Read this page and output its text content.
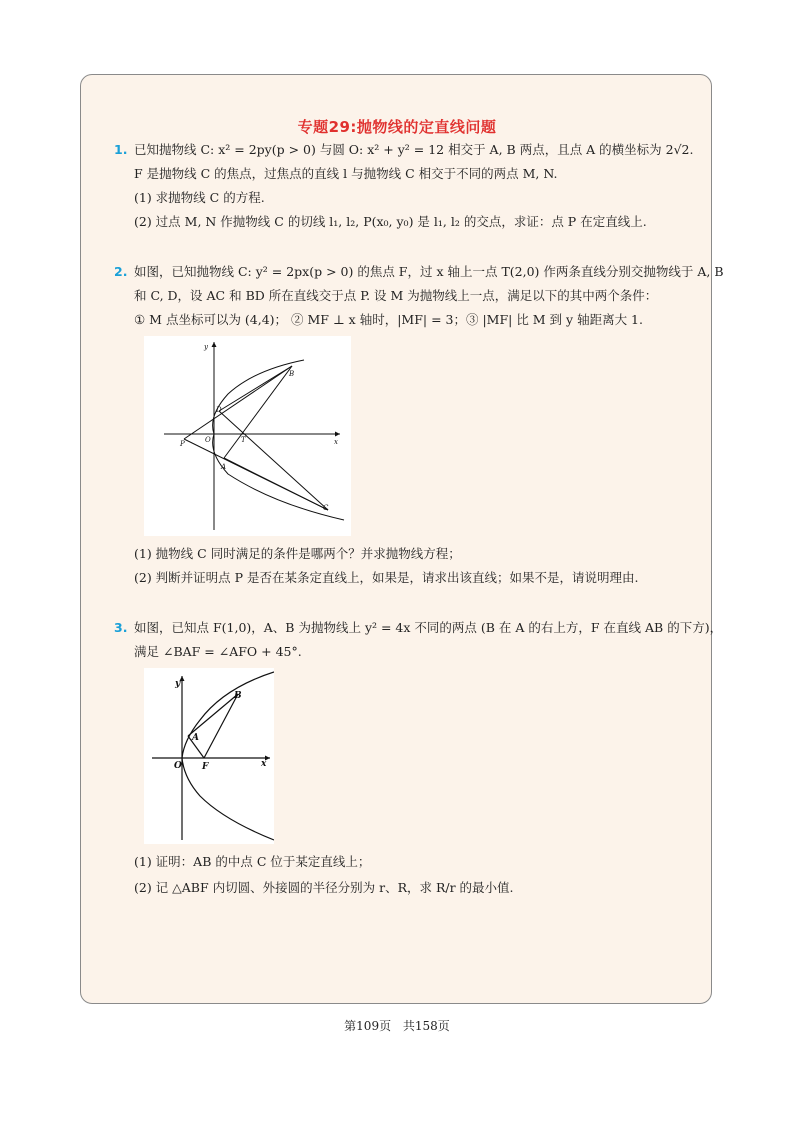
专题29:抛物线的定直线问题
1. 已知抛物线 C: x² = 2py(p > 0) 与圆 O: x² + y² = 12 相交于 A, B 两点，且点 A 的横坐标为 2√2.
F 是抛物线 C 的焦点，过焦点的直线 l 与抛物线 C 相交于不同的两点 M, N.
(1) 求抛物线 C 的方程.
(2) 过点 M, N 作抛物线 C 的切线 l₁, l₂, P(x₀, y₀) 是 l₁, l₂ 的交点，求证：点 P 在定直线上.
2. 如图，已知抛物线 C: y² = 2px(p > 0) 的焦点 F，过 x 轴上一点 T(2,0) 作两条直线分别交抛物线于 A, B
和 C, D，设 AC 和 BD 所在直线交于点 P. 设 M 为抛物线上一点，满足以下的其中两个条件：
① M 点坐标可以为 (4,4)； ② MF ⊥ x 轴时，|MF| = 3；③ |MF| 比 M 到 y 轴距离大 1.
y
x
O
P
D
T
A
B
C
(1) 抛物线 C 同时满足的条件是哪两个？并求抛物线方程；
(2) 判断并证明点 P 是否在某条定直线上，如果是，请求出该直线；如果不是，请说明理由.
3. 如图，已知点 F(1,0)，A、B 为抛物线上 y² = 4x 不同的两点 (B 在 A 的右上方，F 在直线 AB 的下方)，
满足 ∠BAF = ∠AFO + 45°.
y
x
O F
A
B
(1) 证明：AB 的中点 C 位于某定直线上；
(2) 记 △ABF 内切圆、外接圆的半径分别为 r、R，求 R/r 的最小值.
第109页 共158页
